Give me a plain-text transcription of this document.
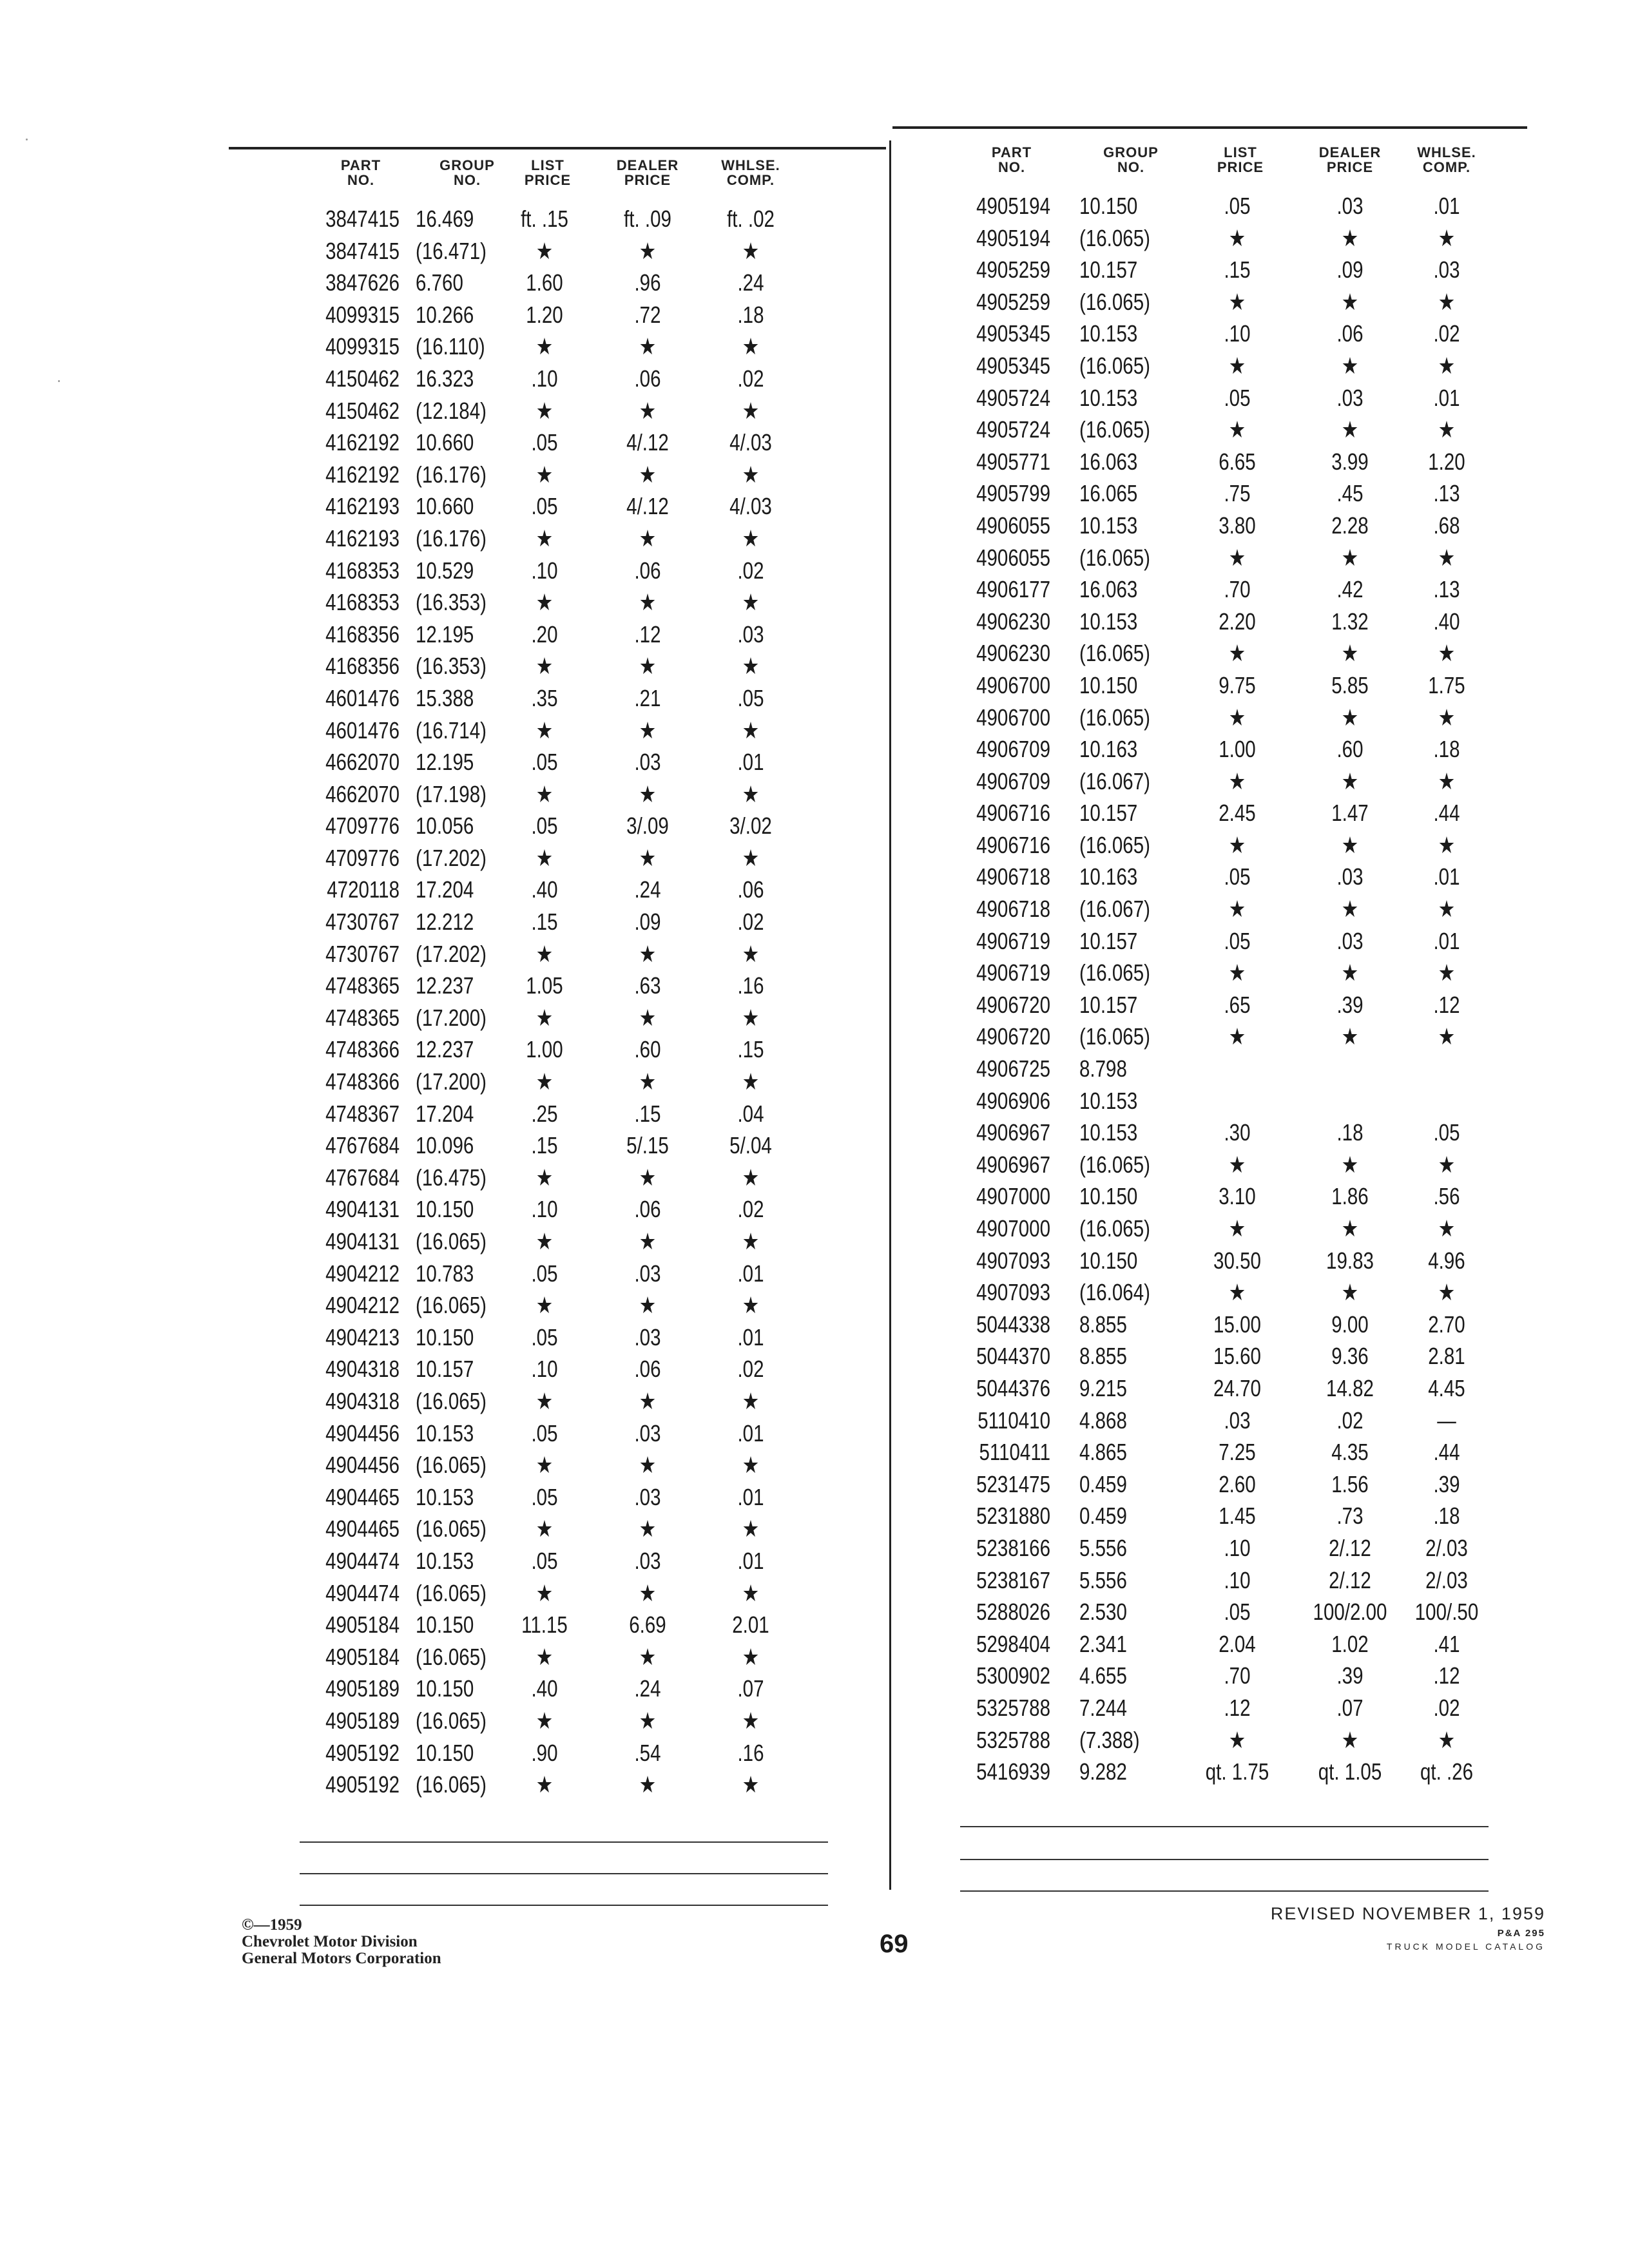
PART
NO.
GROUP
NO.
LIST
PRICE
DEALER
PRICE
WHLSE.
COMP.
3847415 16.469	ft. .15	ft. .09	ft. .02
3847415 (16.471)	★	★	★
3847626 6.760	1.60	.96	.24
4099315 10.266	1.20	.72	.18
4099315 (16.110)	★	★	★
4150462 16.323	.10	.06	.02
4150462 (12.184)	★	★	★
4162192 10.660	.05	4/.12	4/.03
4162192 (16.176)	★	★	★
4162193 10.660	.05	4/.12	4/.03
4162193 (16.176)	★	★	★
4168353 10.529	.10	.06	.02
4168353 (16.353)	★	★	★
4168356 12.195	.20	.12	.03
4168356 (16.353)	★	★	★
4601476 15.388	.35	.21	.05
4601476 (16.714)	★	★	★
4662070 12.195	.05	.03	.01
4662070 (17.198)	★	★	★
4709776 10.056	.05	3/.09	3/.02
4709776 (17.202)	★	★	★
4720118 17.204	.40	.24	.06
4730767 12.212	.15	.09	.02
4730767 (17.202)	★	★	★
4748365 12.237	1.05	.63	.16
4748365 (17.200)	★	★	★
4748366 12.237	1.00	.60	.15
4748366 (17.200)	★	★	★
4748367 17.204	.25	.15	.04
4767684 10.096	.15	5/.15	5/.04
4767684 (16.475)	★	★	★
4904131 10.150	.10	.06	.02
4904131 (16.065)	★	★	★
4904212 10.783	.05	.03	.01
4904212 (16.065)	★	★	★
4904213 10.150	.05	.03	.01
4904318 10.157	.10	.06	.02
4904318 (16.065)	★	★	★
4904456 10.153	.05	.03	.01
4904456 (16.065)	★	★	★
4904465 10.153	.05	.03	.01
4904465 (16.065)	★	★	★
4904474 10.153	.05	.03	.01
4904474 (16.065)	★	★	★
4905184 10.150	11.15	6.69	2.01
4905184 (16.065)	★	★	★
4905189 10.150	.40	.24	.07
4905189 (16.065)	★	★	★
4905192 10.150	.90	.54	.16
4905192 (16.065)	★	★	★
PART
NO.
GROUP
NO.
LIST
PRICE
DEALER
PRICE
WHLSE.
COMP.
4905194 10.150	.05	.03	.01
4905194 (16.065)	★	★	★
4905259 10.157	.15	.09	.03
4905259 (16.065)	★	★	★
4905345 10.153	.10	.06	.02
4905345 (16.065)	★	★	★
4905724 10.153	.05	.03	.01
4905724 (16.065)	★	★	★
4905771 16.063	6.65	3.99	1.20
4905799 16.065	.75	.45	.13
4906055 10.153	3.80	2.28	.68
4906055 (16.065)	★	★	★
4906177 16.063	.70	.42	.13
4906230 10.153	2.20	1.32	.40
4906230 (16.065)	★	★	★
4906700 10.150	9.75	5.85	1.75
4906700 (16.065)	★	★	★
4906709 10.163	1.00	.60	.18
4906709 (16.067)	★	★	★
4906716 10.157	2.45	1.47	.44
4906716 (16.065)	★	★	★
4906718 10.163	.05	.03	.01
4906718 (16.067)	★	★	★
4906719 10.157	.05	.03	.01
4906719 (16.065)	★	★	★
4906720 10.157	.65	.39	.12
4906720 (16.065)	★	★	★
4906725 8.798
4906906 10.153
4906967 10.153	.30	.18	.05
4906967 (16.065)	★	★	★
4907000 10.150	3.10	1.86	.56
4907000 (16.065)	★	★	★
4907093 10.150	30.50	19.83	4.96
4907093 (16.064)	★	★	★
5044338 8.855	15.00	9.00	2.70
5044370 8.855	15.60	9.36	2.81
5044376 9.215	24.70	14.82	4.45
5110410 4.868	.03	.02	—
5110411 4.865	7.25	4.35	.44
5231475 0.459	2.60	1.56	.39
5231880 0.459	1.45	.73	.18
5238166 5.556	.10	2/.12	2/.03
5238167 5.556	.10	2/.12	2/.03
5288026 2.530	.05	100/2.00	100/.50
5298404 2.341	2.04	1.02	.41
5300902 4.655	.70	.39	.12
5325788 7.244	.12	.07	.02
5325788 (7.388)	★	★	★
5416939 9.282	qt. 1.75	qt. 1.05	qt. .26
©—1959
Chevrolet Motor Division
General Motors Corporation
69
REVISED NOVEMBER 1, 1959
P&A 295
TRUCK MODEL CATALOG
